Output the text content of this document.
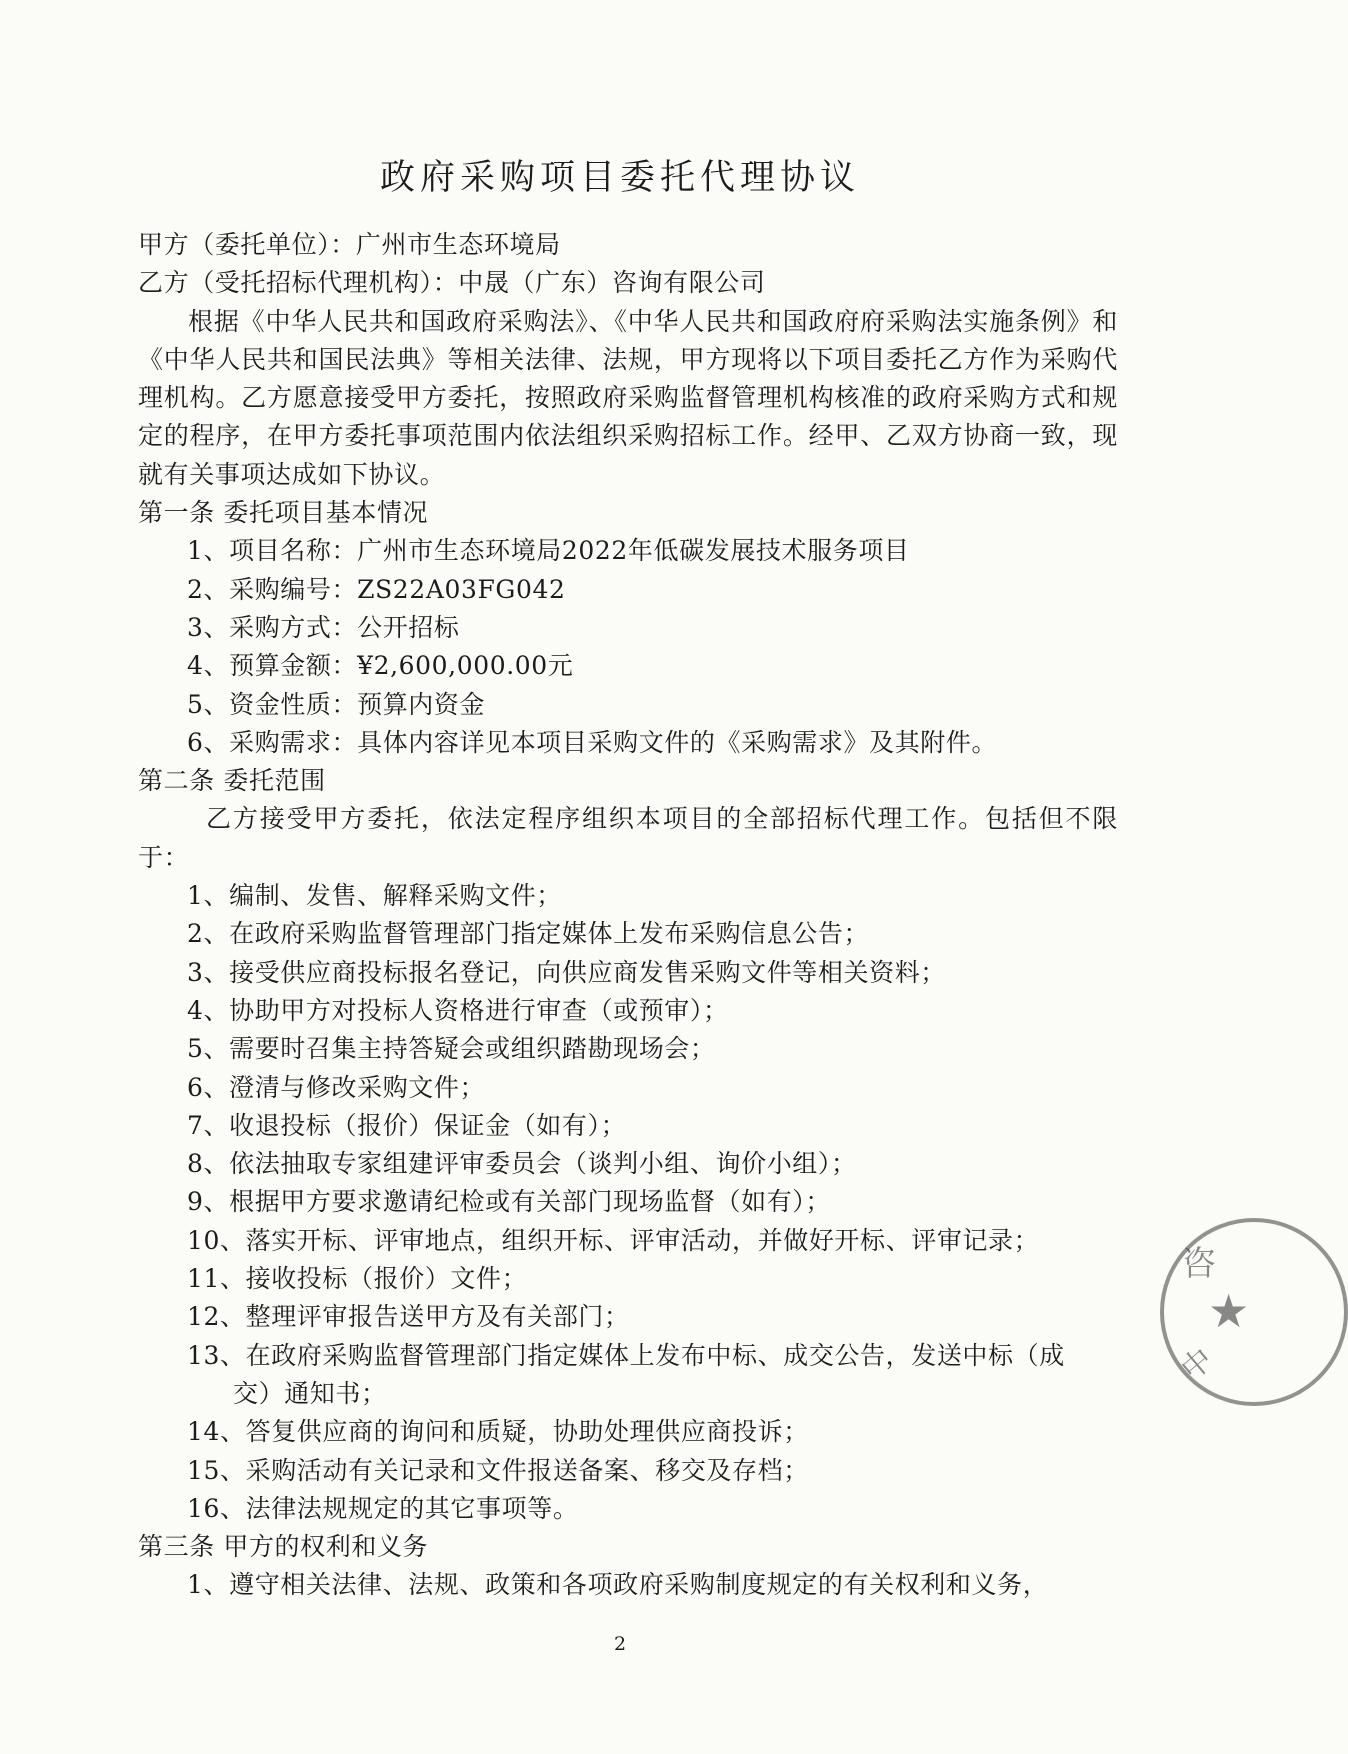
政府采购项目委托代理协议

甲方（委托单位）：广州市生态环境局

乙方（受托招标代理机构）：中晟（广东）咨询有限公司

根据《中华人民共和国政府采购法》、《中华人民共和国政府府采购法实施条例》和《中华人民共和国民法典》等相关法律、法规，甲方现将以下项目委托乙方作为采购代理机构。乙方愿意接受甲方委托，按照政府采购监督管理机构核准的政府采购方式和规定的程序，在甲方委托事项范围内依法组织采购招标工作。经甲、乙双方协商一致，现就有关事项达成如下协议。

第一条 委托项目基本情况

1、项目名称：广州市生态环境局2022年低碳发展技术服务项目

2、采购编号：ZS22A03FG042

3、采购方式：公开招标

4、预算金额：¥2,600,000.00元

5、资金性质：预算内资金

6、采购需求：具体内容详见本项目采购文件的《采购需求》及其附件。

第二条 委托范围

乙方接受甲方委托，依法定程序组织本项目的全部招标代理工作。包括但不限于：

1、编制、发售、解释采购文件；

2、在政府采购监督管理部门指定媒体上发布采购信息公告；

3、接受供应商投标报名登记，向供应商发售采购文件等相关资料；

4、协助甲方对投标人资格进行审查（或预审）；

5、需要时召集主持答疑会或组织踏勘现场会；

6、澄清与修改采购文件；

7、收退投标（报价）保证金（如有）；

8、依法抽取专家组建评审委员会（谈判小组、询价小组）；

9、根据甲方要求邀请纪检或有关部门现场监督（如有）；

10、落实开标、评审地点，组织开标、评审活动，并做好开标、评审记录；

11、接收投标（报价）文件；

12、整理评审报告送甲方及有关部门；

13、在政府采购监督管理部门指定媒体上发布中标、成交公告，发送中标（成
交）通知书；

14、答复供应商的询问和质疑，协助处理供应商投诉；

15、采购活动有关记录和文件报送备案、移交及存档；

16、法律法规规定的其它事项等。

第三条 甲方的权利和义务

1、遵守相关法律、法规、政策和各项政府采购制度规定的有关权利和义务，

咨
★
中
2
